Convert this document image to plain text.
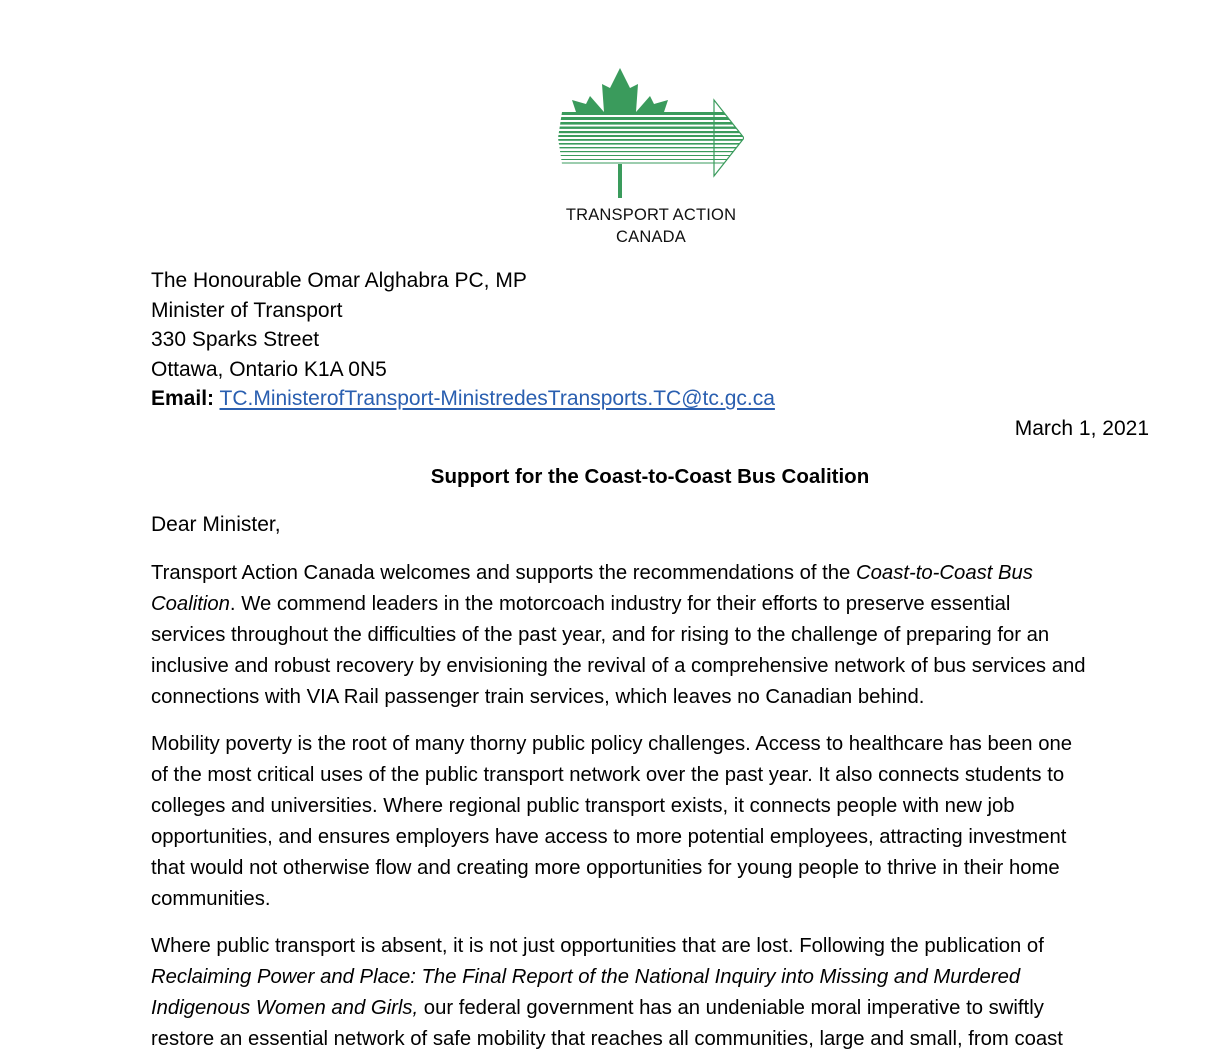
TRANSPORT ACTION
CANADA
The Honourable Omar Alghabra PC, MP
Minister of Transport
330 Sparks Street
Ottawa, Ontario K1A 0N5
Email: TC.MinisterofTransport-MinistredesTransports.TC@tc.gc.ca
March 1, 2021
Support for the Coast-to-Coast Bus Coalition
Dear Minister,
Transport Action Canada welcomes and supports the recommendations of the Coast-to-Coast Bus
Coalition. We commend leaders in the motorcoach industry for their efforts to preserve essential
services throughout the difficulties of the past year, and for rising to the challenge of preparing for an
inclusive and robust recovery by envisioning the revival of a comprehensive network of bus services and
connections with VIA Rail passenger train services, which leaves no Canadian behind.
Mobility poverty is the root of many thorny public policy challenges. Access to healthcare has been one
of the most critical uses of the public transport network over the past year. It also connects students to
colleges and universities. Where regional public transport exists, it connects people with new job
opportunities, and ensures employers have access to more potential employees, attracting investment
that would not otherwise flow and creating more opportunities for young people to thrive in their home
communities.
Where public transport is absent, it is not just opportunities that are lost. Following the publication of
Reclaiming Power and Place: The Final Report of the National Inquiry into Missing and Murdered
Indigenous Women and Girls, our federal government has an undeniable moral imperative to swiftly
restore an essential network of safe mobility that reaches all communities, large and small, from coast
